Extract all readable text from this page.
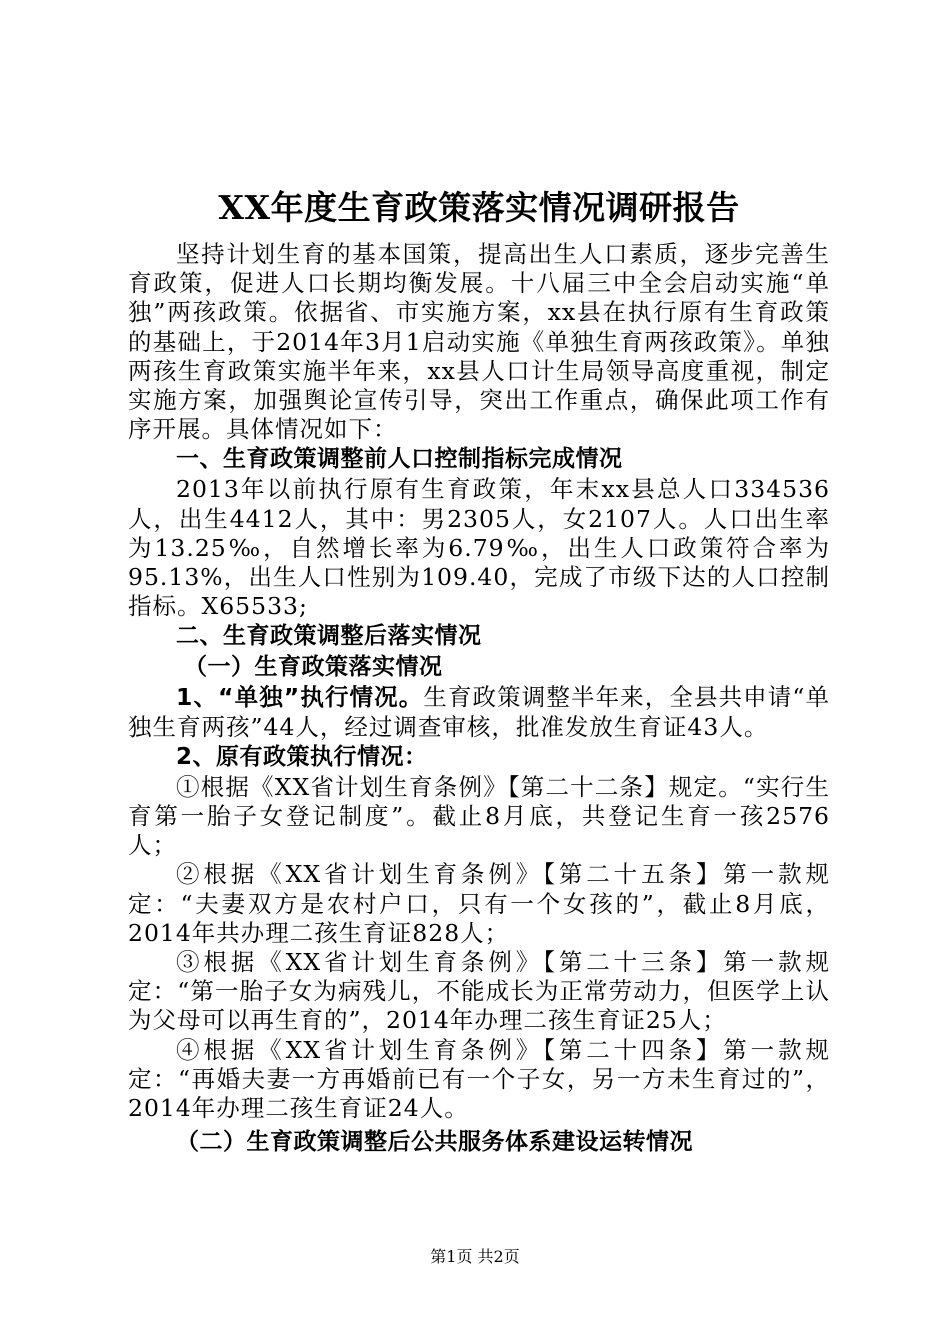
XX年度生育政策落实情况调研报告

坚持计划生育的基本国策，提高出生人口素质，逐步完善生育政策，促进人口长期均衡发展。十八届三中全会启动实施“单独”两孩政策。依据省、市实施方案，xx县在执行原有生育政策的基础上，于2014年3月1启动实施《单独生育两孩政策》。单独两孩生育政策实施半年来，xx县人口计生局领导高度重视，制定实施方案，加强舆论宣传引导，突出工作重点，确保此项工作有序开展。具体情况如下：

一、生育政策调整前人口控制指标完成情况

2013年以前执行原有生育政策，年末xx县总人口334536人，出生4412人，其中：男2305人，女2107人。人口出生率为13.25‰，自然增长率为6.79‰，出生人口政策符合率为95.13%，出生人口性别为109.40，完成了市级下达的人口控制指标。X65533;

二、生育政策调整后落实情况

（一）生育政策落实情况

1、“单独”执行情况。生育政策调整半年来，全县共申请“单独生育两孩”44人，经过调查审核，批准发放生育证43人。

2、原有政策执行情况：

①根据《XX省计划生育条例》【第二十二条】规定。“实行生育第一胎子女登记制度”。截止8月底，共登记生育一孩2576人；

②根据《XX省计划生育条例》【第二十五条】第一款规定：“夫妻双方是农村户口，只有一个女孩的”，截止8月底，2014年共办理二孩生育证828人；

③根据《XX省计划生育条例》【第二十三条】第一款规定：“第一胎子女为病残儿，不能成长为正常劳动力，但医学上认为父母可以再生育的”，2014年办理二孩生育证25人；

④根据《XX省计划生育条例》【第二十四条】第一款规定：“再婚夫妻一方再婚前已有一个子女，另一方未生育过的”，2014年办理二孩生育证24人。

（二）生育政策调整后公共服务体系建设运转情况

第1页 共2页
